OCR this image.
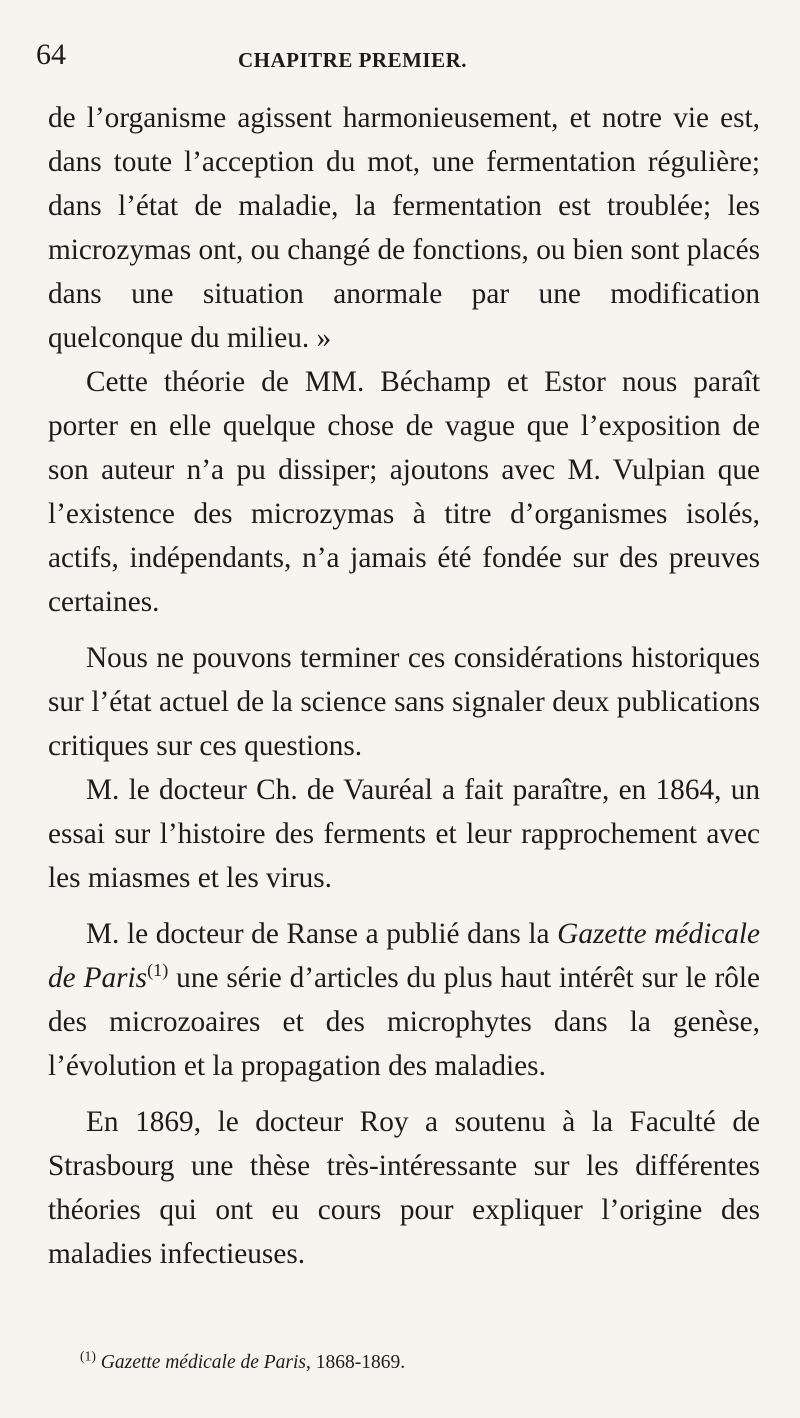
64	CHAPITRE PREMIER.

de l’organisme agissent harmonieusement, et notre vie est, dans toute l’acception du mot, une fermentation régulière; dans l’état de maladie, la fermentation est troublée; les microzymas ont, ou changé de fonctions, ou bien sont placés dans une situation anormale par une modification quelconque du milieu. »

Cette théorie de MM. Béchamp et Estor nous paraît porter en elle quelque chose de vague que l’exposition de son auteur n’a pu dissiper; ajoutons avec M. Vulpian que l’existence des microzymas à titre d’organismes isolés, actifs, indépendants, n’a jamais été fondée sur des preuves certaines.

Nous ne pouvons terminer ces considérations historiques sur l’état actuel de la science sans signaler deux publications critiques sur ces questions.

M. le docteur Ch. de Vauréal a fait paraître, en 1864, un essai sur l’histoire des ferments et leur rapprochement avec les miasmes et les virus.

M. le docteur de Ranse a publié dans la Gazette médicale de Paris$^{(1)}$ une série d’articles du plus haut intérêt sur le rôle des microzoaires et des microphytes dans la genèse, l’évolution et la propagation des maladies.

En 1869, le docteur Roy a soutenu à la Faculté de Strasbourg une thèse très-intéressante sur les différentes théories qui ont eu cours pour expliquer l’origine des maladies infectieuses.

$^{(1)}$ Gazette médicale de Paris, 1868-1869.
